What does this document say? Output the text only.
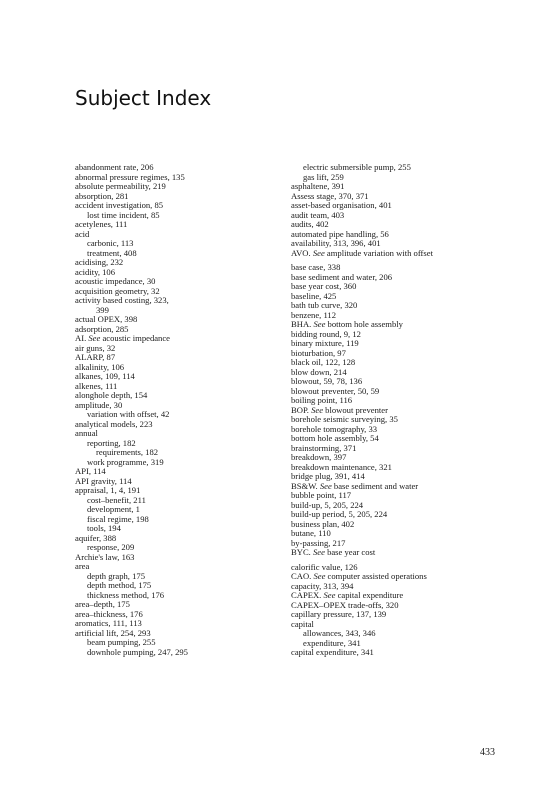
Subject Index
abandonment rate, 206
abnormal pressure regimes, 135
absolute permeability, 219
absorption, 281
accident investigation, 85
lost time incident, 85
acetylenes, 111
acid
carbonic, 113
treatment, 408
acidising, 232
acidity, 106
acoustic impedance, 30
acquisition geometry, 32
activity based costing, 323,
399
actual OPEX, 398
adsorption, 285
AI. See acoustic impedance
air guns, 32
ALARP, 87
alkalinity, 106
alkanes, 109, 114
alkenes, 111
alonghole depth, 154
amplitude, 30
variation with offset, 42
analytical models, 223
annual
reporting, 182
requirements, 182
work programme, 319
API, 114
API gravity, 114
appraisal, 1, 4, 191
cost–benefit, 211
development, 1
fiscal regime, 198
tools, 194
aquifer, 388
response, 209
Archie's law, 163
area
depth graph, 175
depth method, 175
thickness method, 176
area–depth, 175
area–thickness, 176
aromatics, 111, 113
artificial lift, 254, 293
beam pumping, 255
downhole pumping, 247, 295
electric submersible pump, 255
gas lift, 259
asphaltene, 391
Assess stage, 370, 371
asset-based organisation, 401
audit team, 403
audits, 402
automated pipe handling, 56
availability, 313, 396, 401
AVO. See amplitude variation with offset
base case, 338
base sediment and water, 206
base year cost, 360
baseline, 425
bath tub curve, 320
benzene, 112
BHA. See bottom hole assembly
bidding round, 9, 12
binary mixture, 119
bioturbation, 97
black oil, 122, 128
blow down, 214
blowout, 59, 78, 136
blowout preventer, 50, 59
boiling point, 116
BOP. See blowout preventer
borehole seismic surveying, 35
borehole tomography, 33
bottom hole assembly, 54
brainstorming, 371
breakdown, 397
breakdown maintenance, 321
bridge plug, 391, 414
BS&W. See base sediment and water
bubble point, 117
build-up, 5, 205, 224
build-up period, 5, 205, 224
business plan, 402
butane, 110
by-passing, 217
BYC. See base year cost
calorific value, 126
CAO. See computer assisted operations
capacity, 313, 394
CAPEX. See capital expenditure
CAPEX–OPEX trade-offs, 320
capillary pressure, 137, 139
capital
allowances, 343, 346
expenditure, 341
capital expenditure, 341
433
